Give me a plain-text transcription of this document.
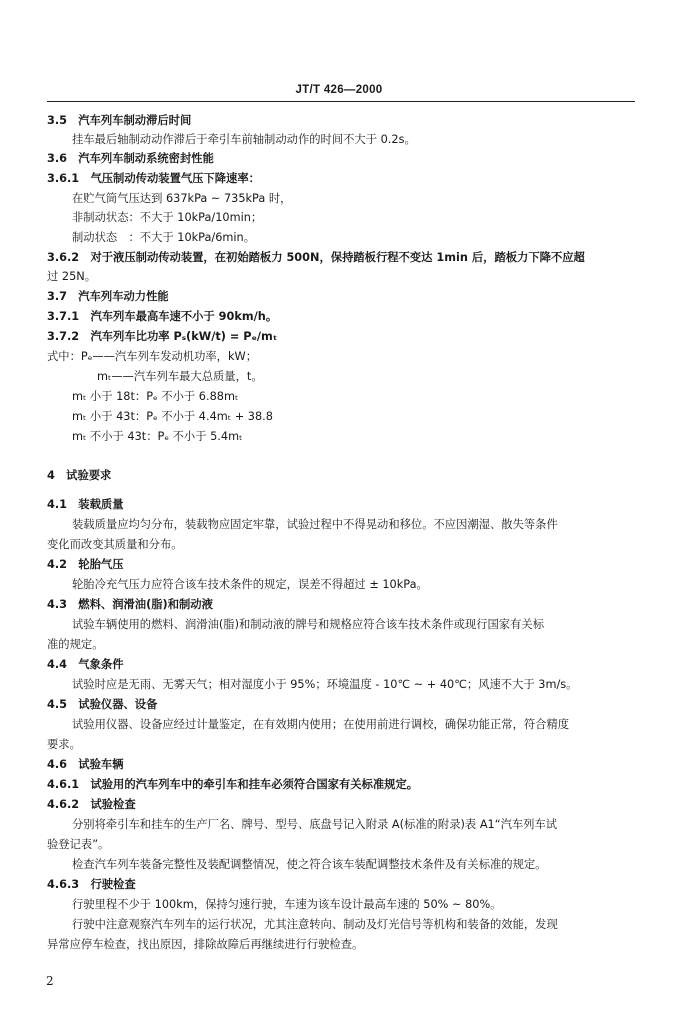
JT/T 426—2000
3.5　汽车列车制动滞后时间
挂车最后轴制动动作滞后于牵引车前轴制动动作的时间不大于 0.2s。
3.6　汽车列车制动系统密封性能
3.6.1　气压制动传动装置气压下降速率：
在贮气筒气压达到 637kPa ~ 735kPa 时，
非制动状态：不大于 10kPa/10min；
制动状态　：不大于 10kPa/6min。
3.6.2　对于液压制动传动装置，在初始踏板力 500N，保持踏板行程不变达 1min 后，踏板力下降不应超
过 25N。
3.7　汽车列车动力性能
3.7.1　汽车列车最高车速不小于 90km/h。
3.7.2　汽车列车比功率 Pₛ(kW/t) = Pₑ/mₜ
式中：Pₑ——汽车列车发动机功率，kW；
mₜ——汽车列车最大总质量，t。
mₜ 小于 18t：Pₑ 不小于 6.88mₜ
mₜ 小于 43t：Pₑ 不小于 4.4mₜ + 38.8
mₜ 不小于 43t：Pₑ 不小于 5.4mₜ
4　试验要求
4.1　装载质量
装载质量应均匀分布，装载物应固定牢靠，试验过程中不得晃动和移位。不应因潮湿、散失等条件
变化而改变其质量和分布。
4.2　轮胎气压
轮胎冷充气压力应符合该车技术条件的规定，误差不得超过 ± 10kPa。
4.3　燃料、润滑油(脂)和制动液
试验车辆使用的燃料、润滑油(脂)和制动液的牌号和规格应符合该车技术条件或现行国家有关标
准的规定。
4.4　气象条件
试验时应是无雨、无雾天气；相对湿度小于 95%；环境温度 - 10℃ ~ + 40℃；风速不大于 3m/s。
4.5　试验仪器、设备
试验用仪器、设备应经过计量鉴定，在有效期内使用；在使用前进行调校，确保功能正常，符合精度
要求。
4.6　试验车辆
4.6.1　试验用的汽车列车中的牵引车和挂车必须符合国家有关标准规定。
4.6.2　试验检查
分别将牵引车和挂车的生产厂名、牌号、型号、底盘号记入附录 A(标准的附录)表 A1“汽车列车试
验登记表”。
检查汽车列车装备完整性及装配调整情况，使之符合该车装配调整技术条件及有关标准的规定。
4.6.3　行驶检查
行驶里程不少于 100km，保持匀速行驶，车速为该车设计最高车速的 50% ~ 80%。
行驶中注意观察汽车列车的运行状况，尤其注意转向、制动及灯光信号等机构和装备的效能，发现
异常应停车检查，找出原因，排除故障后再继续进行行驶检查。
2
